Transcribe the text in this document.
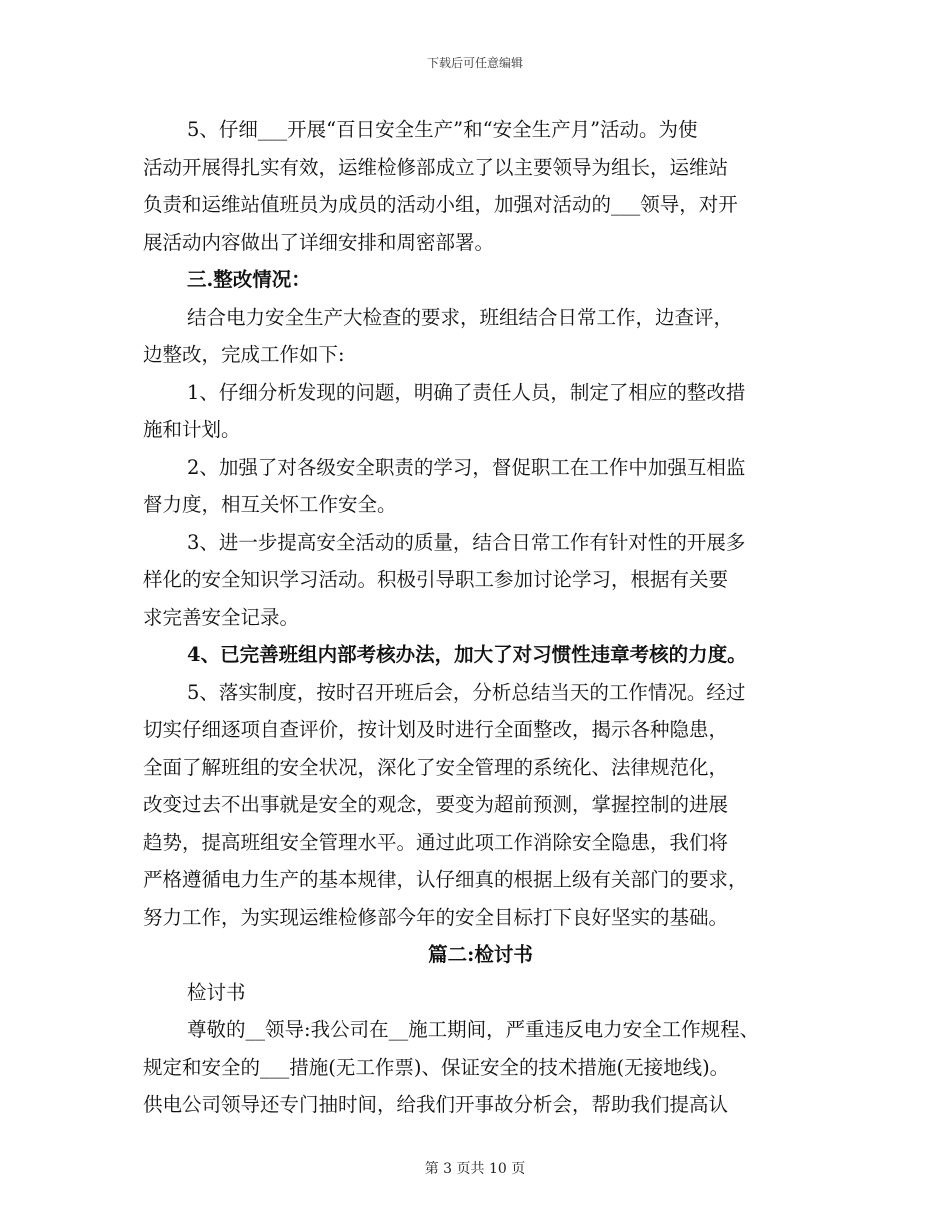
下载后可任意编辑
5、仔细___开展“百日安全生产”和“安全生产月”活动。为使
活动开展得扎实有效，运维检修部成立了以主要领导为组长，运维站
负责和运维站值班员为成员的活动小组，加强对活动的___领导，对开
展活动内容做出了详细安排和周密部署。
三.整改情况：
结合电力安全生产大检查的要求，班组结合日常工作，边查评，
边整改，完成工作如下:
1、仔细分析发现的问题，明确了责任人员，制定了相应的整改措
施和计划。
2、加强了对各级安全职责的学习，督促职工在工作中加强互相监
督力度，相互关怀工作安全。
3、进一步提高安全活动的质量，结合日常工作有针对性的开展多
样化的安全知识学习活动。积极引导职工参加讨论学习，根据有关要
求完善安全记录。
4、已完善班组内部考核办法，加大了对习惯性违章考核的力度。
5、落实制度，按时召开班后会，分析总结当天的工作情况。经过
切实仔细逐项自查评价，按计划及时进行全面整改，揭示各种隐患，
全面了解班组的安全状况，深化了安全管理的系统化、法律规范化，
改变过去不出事就是安全的观念，要变为超前预测，掌握控制的进展
趋势，提高班组安全管理水平。通过此项工作消除安全隐患，我们将
严格遵循电力生产的基本规律，认仔细真的根据上级有关部门的要求，
努力工作，为实现运维检修部今年的安全目标打下良好坚实的基础。
篇二:检讨书
检讨书
尊敬的__领导:我公司在__施工期间，严重违反电力安全工作规程、
规定和安全的___措施(无工作票)、保证安全的技术措施(无接地线)。
供电公司领导还专门抽时间，给我们开事故分析会，帮助我们提高认
第 3 页共 10 页
